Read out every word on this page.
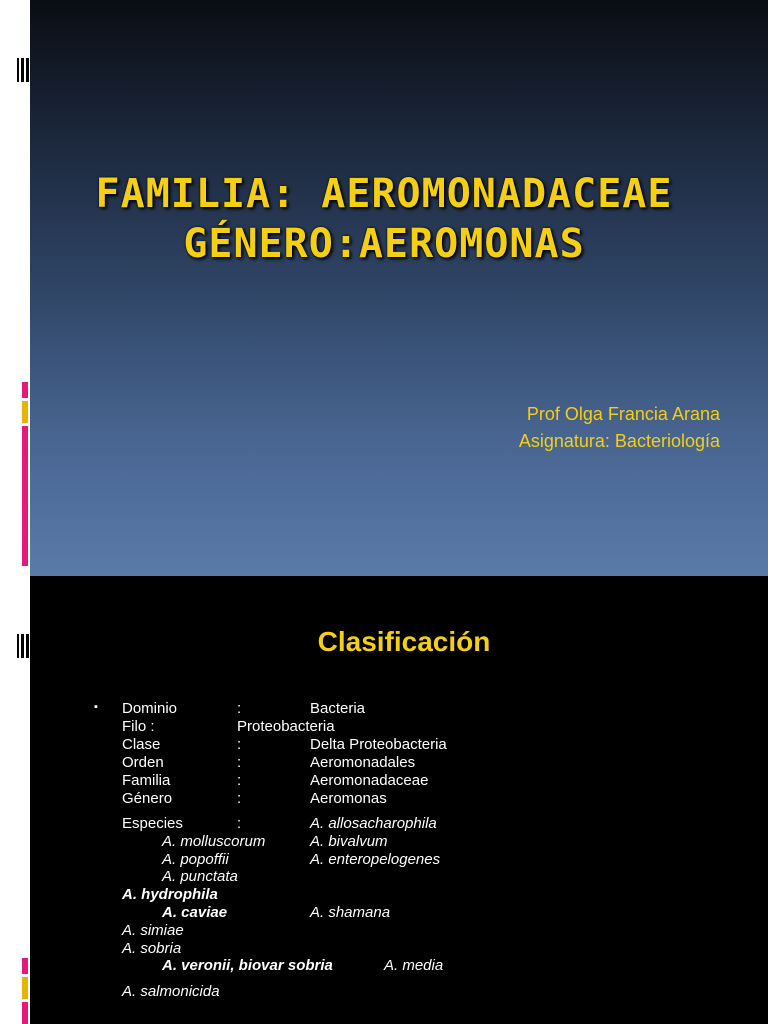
FAMILIA: AEROMONADACEAE
GÉNERO:AEROMONAS
Prof Olga Francia Arana
Asignatura: Bacteriología
Clasificación
▪ Dominio	:	Bacteria
Filo :	Proteobacteria
Clase	:	Delta Proteobacteria
Orden	:	Aeromonadales
Familia	:	Aeromonadaceae
Género	:	Aeromonas
Especies	:	A. allosacharophila
A. molluscorum	A. bivalvum
A. popoffii	A. enteropelogenes
A. punctata
A. hydrophila
A. caviae	A. shamana
A. simiae
A. sobria
A. veronii, biovar sobria	A. media
A. salmonicida
